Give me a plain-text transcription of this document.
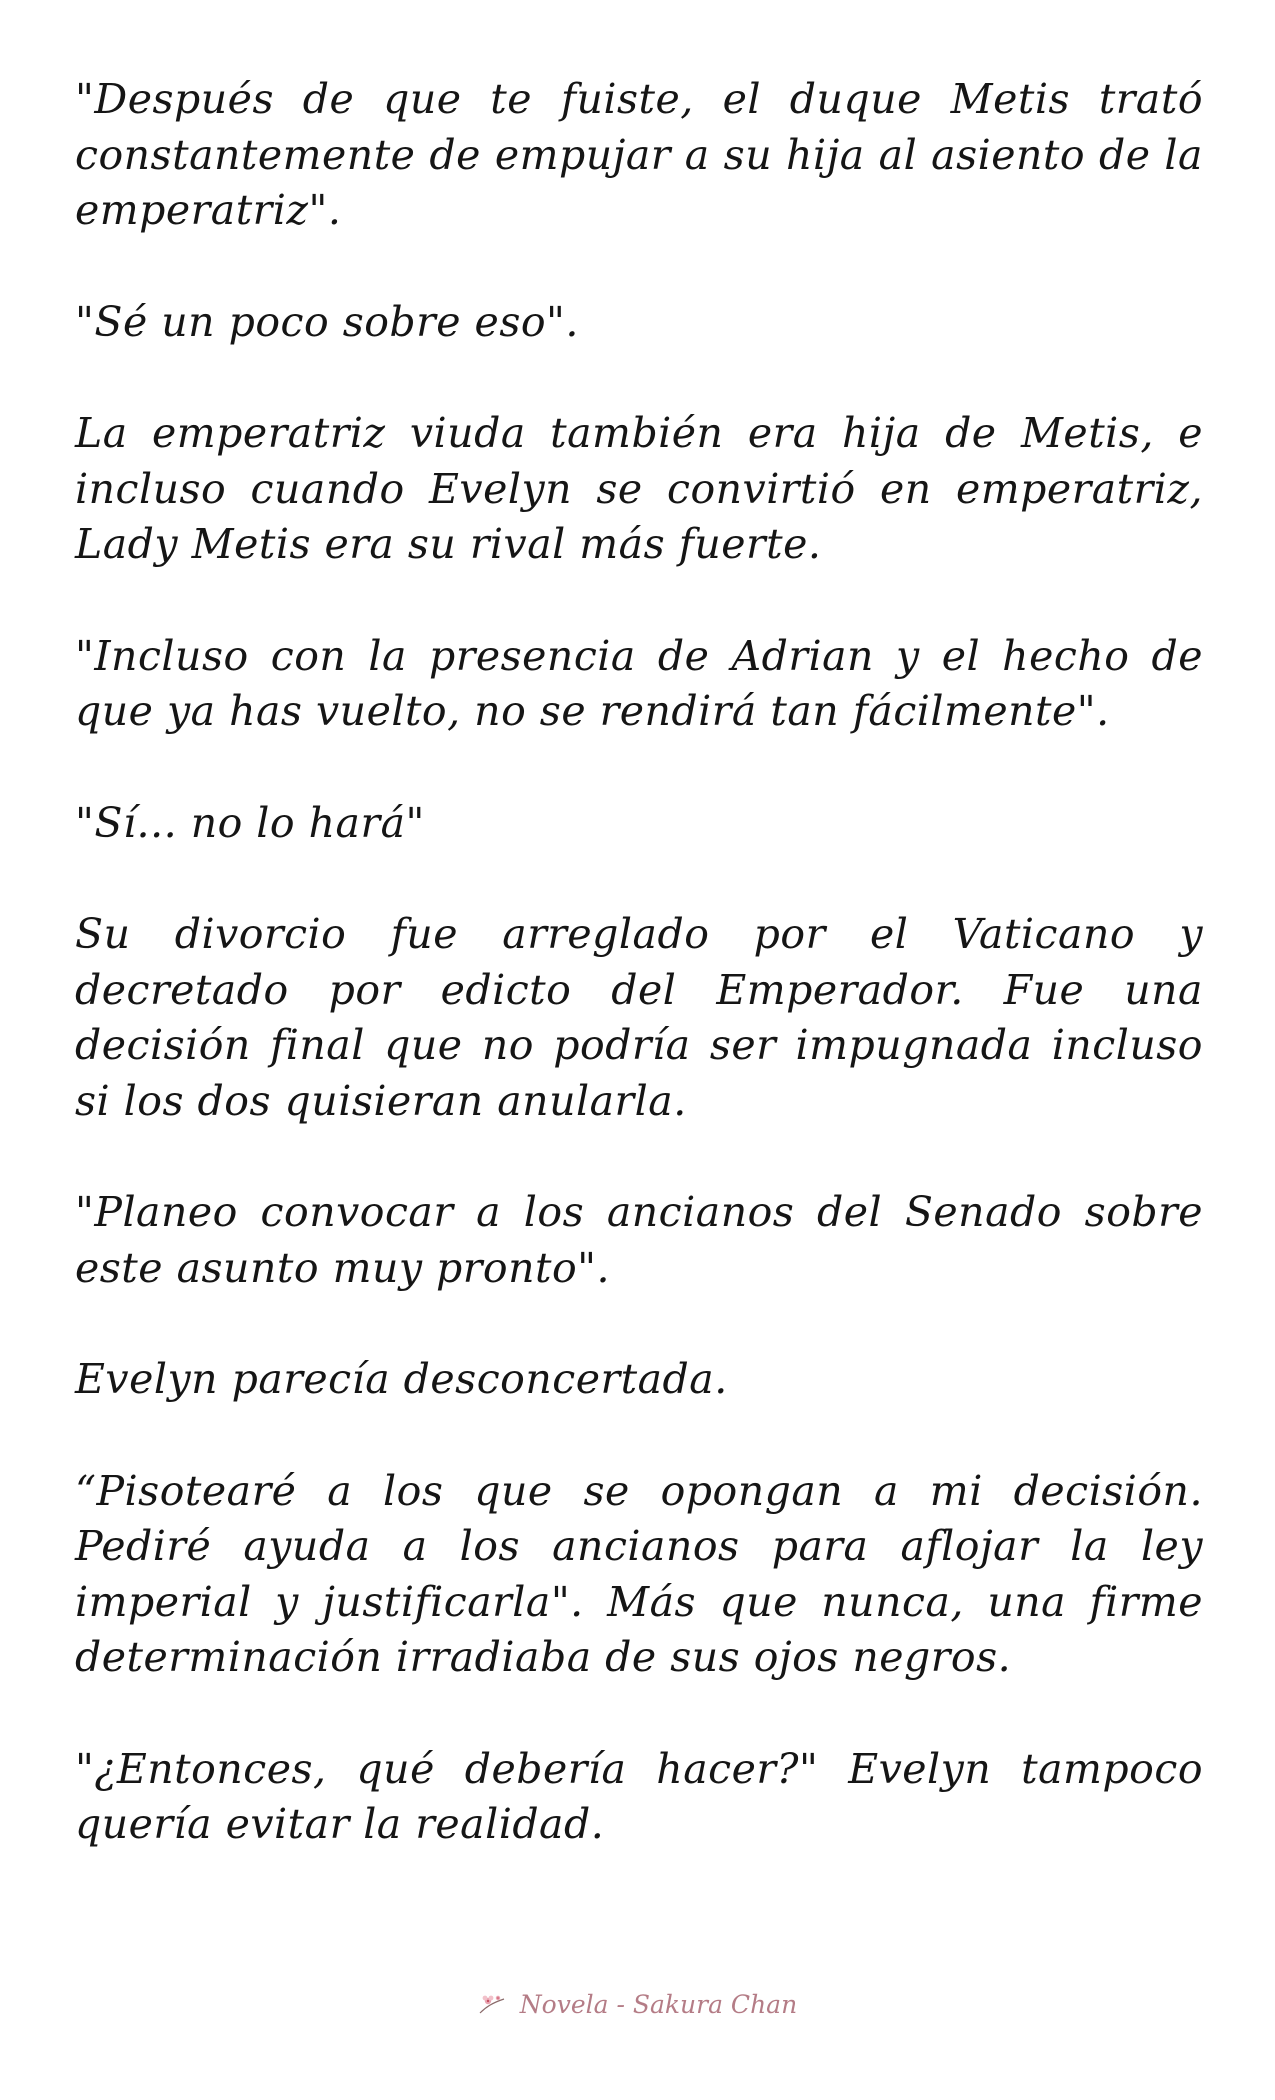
"Después de que te fuiste, el duque Metis trató constantemente de empujar a su hija al asiento de la emperatriz".

"Sé un poco sobre eso".

La emperatriz viuda también era hija de Metis, e incluso cuando Evelyn se convirtió en emperatriz, Lady Metis era su rival más fuerte.

"Incluso con la presencia de Adrian y el hecho de que ya has vuelto, no se rendirá tan fácilmente".

"Sí... no lo hará"

Su divorcio fue arreglado por el Vaticano y decretado por edicto del Emperador. Fue una decisión final que no podría ser impugnada incluso si los dos quisieran anularla.

"Planeo convocar a los ancianos del Senado sobre este asunto muy pronto".

Evelyn parecía desconcertada.

“Pisotearé a los que se opongan a mi decisión. Pediré ayuda a los ancianos para aflojar la ley imperial y justificarla". Más que nunca, una firme determinación irradiaba de sus ojos negros.

"¿Entonces, qué debería hacer?" Evelyn tampoco quería evitar la realidad.

Novela - Sakura Chan
